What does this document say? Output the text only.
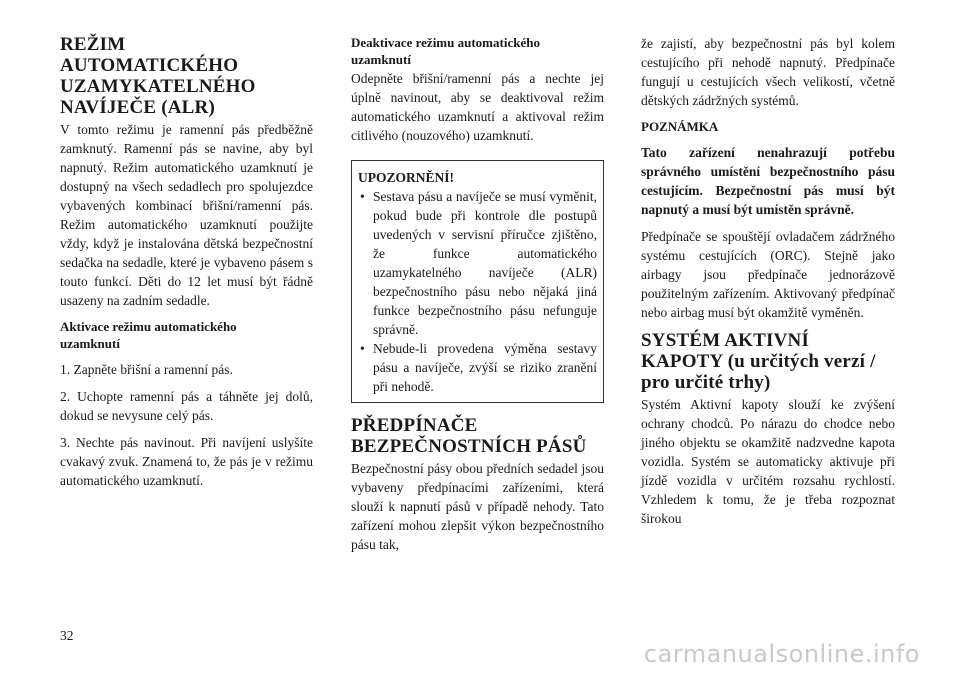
REŽIM
AUTOMATICKÉHO
UZAMYKATELNÉHO
NAVÍJEČE (ALR)

V tomto režimu je ramenní pás předběžně zamknutý. Ramenní pás se navine, aby byl napnutý. Režim automatického uzamknutí je dostupný na všech sedadlech pro spolujezdce vybavených kombinací břišní/ramenní pás. Režim automatického uzamknutí použijte vždy, když je instalována dětská bezpečnostní sedačka na sedadle, které je vybaveno pásem s touto funkcí. Děti do 12 let musí být řádně usazeny na zadním sedadle.

Aktivace režimu automatického
uzamknutí

1. Zapněte břišní a ramenní pás.

2. Uchopte ramenní pás a táhněte jej dolů, dokud se nevysune celý pás.

3. Nechte pás navinout. Při navíjení uslyšíte cvakavý zvuk. Znamená to, že pás je v režimu automatického uzamknutí.

Deaktivace režimu automatického
uzamknutí

Odepněte břišní/ramenní pás a nechte jej úplně navinout, aby se deaktivoval režim automatického uzamknutí a aktivoval režim citlivého (nouzového) uzamknutí.

UPOZORNĚNÍ!
• Sestava pásu a navíječe se musí vyměnit, pokud bude při kontrole dle postupů uvedených v servisní příručce zjištěno, že funkce automatického uzamykatelného navíječe (ALR) bezpečnostního pásu nebo nějaká jiná funkce bezpečnostního pásu nefunguje správně.
• Nebude-li provedena výměna sestavy pásu a navíječe, zvýší se riziko zranění při nehodě.
PŘEDPÍNAČE
BEZPEČNOSTNÍCH PÁSŮ

Bezpečnostní pásy obou předních sedadel jsou vybaveny předpínacími zařízeními, která slouží k napnutí pásů v případě nehody. Tato zařízení mohou zlepšit výkon bezpečnostního pásu tak,

že zajistí, aby bezpečnostní pás byl kolem cestujícího při nehodě napnutý. Předpínače fungují u cestujících všech velikostí, včetně dětských zádržných systémů.

POZNÁMKA

Tato zařízení nenahrazují potřebu správného umístění bezpečnostního pásu cestujícím. Bezpečnostní pás musí být napnutý a musí být umístěn správně.

Předpínače se spouštějí ovladačem zádržného systému cestujících (ORC). Stejně jako airbagy jsou předpínače jednorázově použitelným zařízením. Aktivovaný předpínač nebo airbag musí být okamžitě vyměněn.

SYSTÉM AKTIVNÍ
KAPOTY (u určitých verzí /
pro určité trhy)

Systém Aktivní kapoty slouží ke zvýšení ochrany chodců. Po nárazu do chodce nebo jiného objektu se okamžitě nadzvedne kapota vozidla. Systém se automaticky aktivuje při jízdě vozidla v určitém rozsahu rychlostí. Vzhledem k tomu, že je třeba rozpoznat širokou

32
carmanualsonline.info
